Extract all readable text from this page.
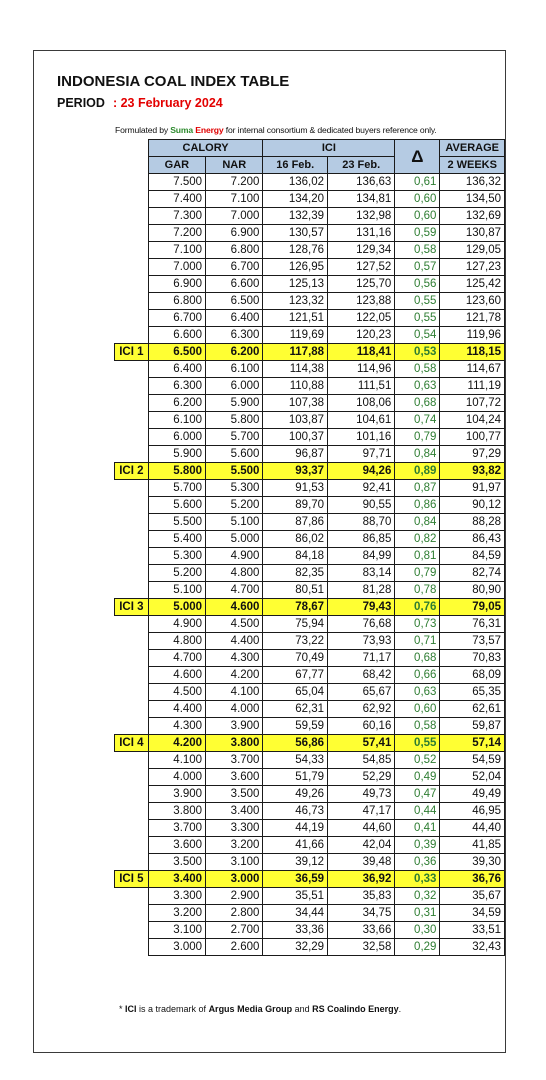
INDONESIA COAL INDEX TABLE
PERIOD : 23 February 2024
Formulated by Suma Energy for internal consortium & dedicated buyers reference only.
	CALORY		ICI		Δ	AVERAGE
	GAR	NAR	16 Feb.	23 Feb.		2 WEEKS
	7.500	7.200	136,02	136,63	0,61	136,32
	7.400	7.100	134,20	134,81	0,60	134,50
	7.300	7.000	132,39	132,98	0,60	132,69
	7.200	6.900	130,57	131,16	0,59	130,87
	7.100	6.800	128,76	129,34	0,58	129,05
	7.000	6.700	126,95	127,52	0,57	127,23
	6.900	6.600	125,13	125,70	0,56	125,42
	6.800	6.500	123,32	123,88	0,55	123,60
	6.700	6.400	121,51	122,05	0,55	121,78
	6.600	6.300	119,69	120,23	0,54	119,96
ICI 1	6.500	6.200	117,88	118,41	0,53	118,15
	6.400	6.100	114,38	114,96	0,58	114,67
	6.300	6.000	110,88	111,51	0,63	111,19
	6.200	5.900	107,38	108,06	0,68	107,72
	6.100	5.800	103,87	104,61	0,74	104,24
	6.000	5.700	100,37	101,16	0,79	100,77
	5.900	5.600	96,87	97,71	0,84	97,29
ICI 2	5.800	5.500	93,37	94,26	0,89	93,82
	5.700	5.300	91,53	92,41	0,87	91,97
	5.600	5.200	89,70	90,55	0,86	90,12
	5.500	5.100	87,86	88,70	0,84	88,28
	5.400	5.000	86,02	86,85	0,82	86,43
	5.300	4.900	84,18	84,99	0,81	84,59
	5.200	4.800	82,35	83,14	0,79	82,74
	5.100	4.700	80,51	81,28	0,78	80,90
ICI 3	5.000	4.600	78,67	79,43	0,76	79,05
	4.900	4.500	75,94	76,68	0,73	76,31
	4.800	4.400	73,22	73,93	0,71	73,57
	4.700	4.300	70,49	71,17	0,68	70,83
	4.600	4.200	67,77	68,42	0,66	68,09
	4.500	4.100	65,04	65,67	0,63	65,35
	4.400	4.000	62,31	62,92	0,60	62,61
	4.300	3.900	59,59	60,16	0,58	59,87
ICI 4	4.200	3.800	56,86	57,41	0,55	57,14
	4.100	3.700	54,33	54,85	0,52	54,59
	4.000	3.600	51,79	52,29	0,49	52,04
	3.900	3.500	49,26	49,73	0,47	49,49
	3.800	3.400	46,73	47,17	0,44	46,95
	3.700	3.300	44,19	44,60	0,41	44,40
	3.600	3.200	41,66	42,04	0,39	41,85
	3.500	3.100	39,12	39,48	0,36	39,30
ICI 5	3.400	3.000	36,59	36,92	0,33	36,76
	3.300	2.900	35,51	35,83	0,32	35,67
	3.200	2.800	34,44	34,75	0,31	34,59
	3.100	2.700	33,36	33,66	0,30	33,51
	3.000	2.600	32,29	32,58	0,29	32,43
* ICI is a trademark of Argus Media Group and RS Coalindo Energy.
